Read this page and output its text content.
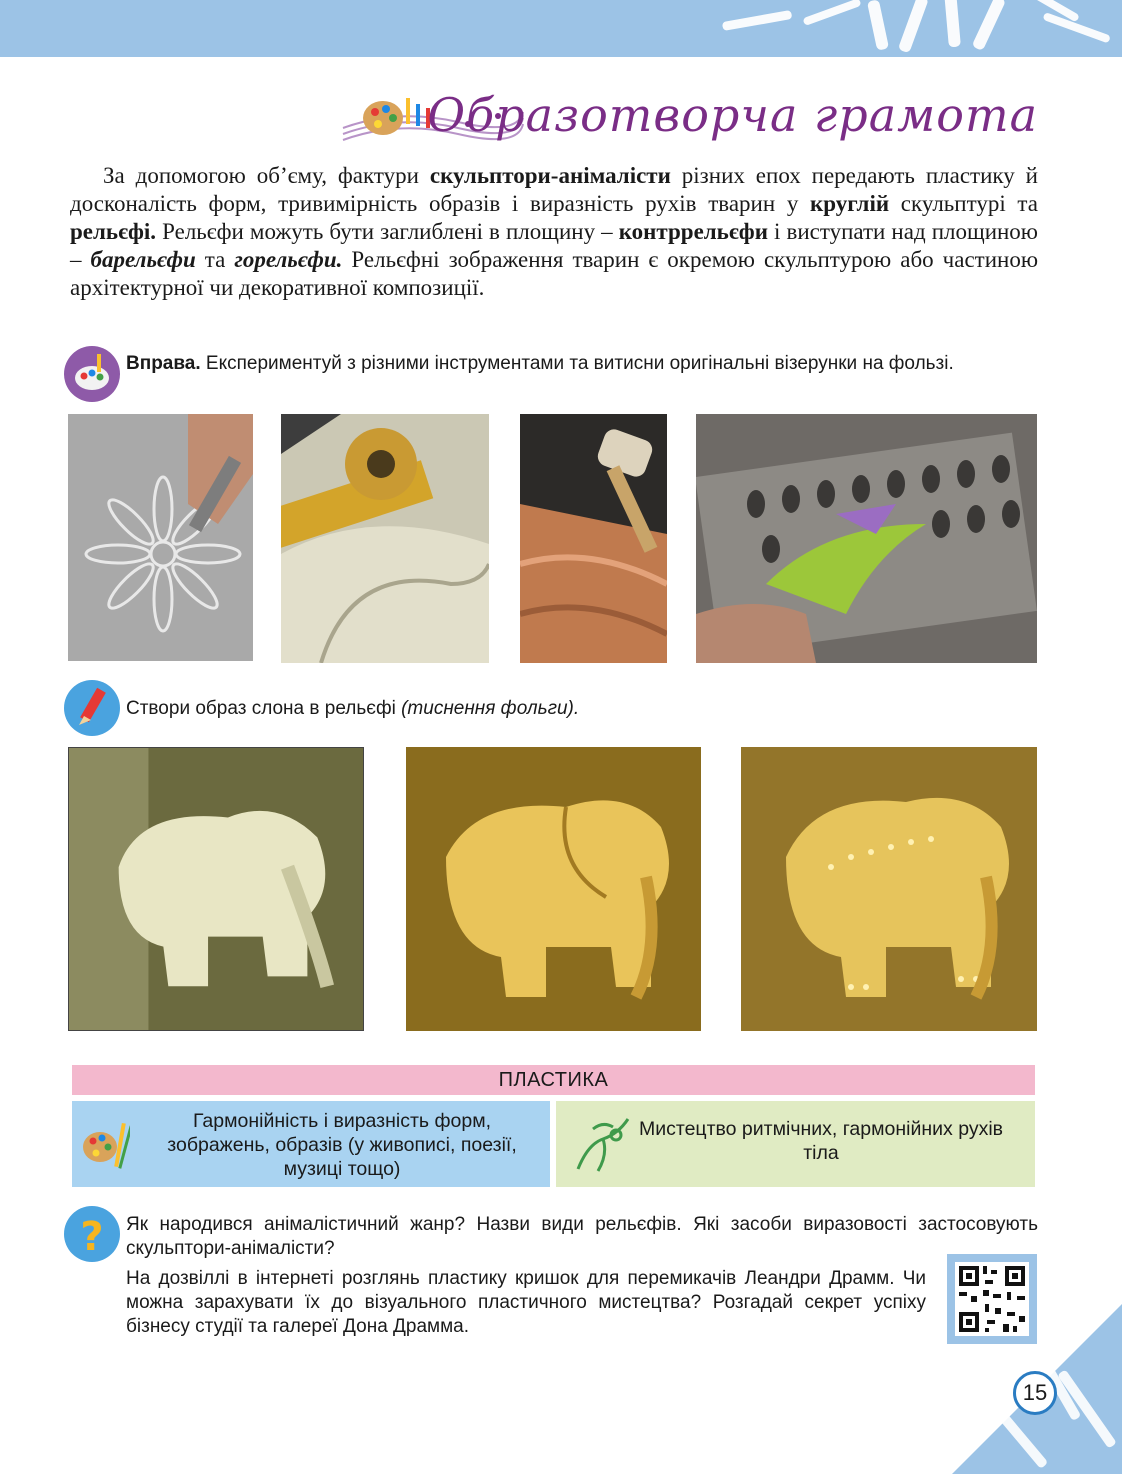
Образотворча грамота

За допомогою об’єму, фактури скульптори-анімалісти різних епох передають пластику й досконалість форм, тривимірність образів і виразність рухів тварин у круглій скульптурі та рельєфі. Рельєфи можуть бути заглиблені в площину – контррельєфи і виступати над площиною – барельєфи та горельєфи. Рельєфні зображення тварин є окремою скульптурою або частиною архітектурної чи декоративної композиції.

Вправа. Експериментуй з різними інструментами та витисни оригінальні візерунки на фользі.
Створи образ слона в рельєфі (тиснення фольги).
ПЛАСТИКА
Гармонійність і виразність форм, зображень, образів (у живописі, поезії, музиці тощо)
Мистецтво ритмічних, гармонійних рухів тіла
? Як народився анімалістичний жанр? Назви види рельєфів. Які засоби виразовості застосовують скульптори-анімалісти?
На дозвіллі в інтернеті розглянь пластику кришок для перемикачів Леандри Драмм. Чи можна зарахувати їх до візуального пластичного мистецтва? Розгадай секрет успіху бізнесу студії та галереї Дона Драмма.
15
